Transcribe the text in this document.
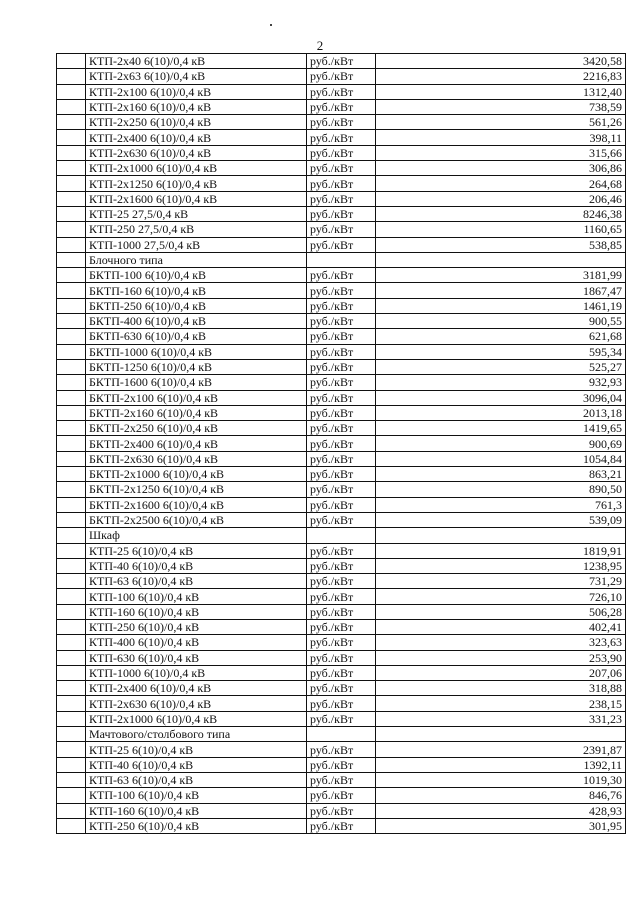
2
	КТП-2х40 6(10)/0,4 кВ	руб./кВт	3420,58
	КТП-2х63 6(10)/0,4 кВ	руб./кВт	2216,83
	КТП-2х100 6(10)/0,4 кВ	руб./кВт	1312,40
	КТП-2х160 6(10)/0,4 кВ	руб./кВт	738,59
	КТП-2х250 6(10)/0,4 кВ	руб./кВт	561,26
	КТП-2х400 6(10)/0,4 кВ	руб./кВт	398,11
	КТП-2х630 6(10)/0,4 кВ	руб./кВт	315,66
	КТП-2х1000 6(10)/0,4 кВ	руб./кВт	306,86
	КТП-2х1250 6(10)/0,4 кВ	руб./кВт	264,68
	КТП-2х1600 6(10)/0,4 кВ	руб./кВт	206,46
	КТП-25 27,5/0,4 кВ	руб./кВт	8246,38
	КТП-250 27,5/0,4 кВ	руб./кВт	1160,65
	КТП-1000 27,5/0,4 кВ	руб./кВт	538,85
	Блочного типа		
	БКТП-100 6(10)/0,4 кВ	руб./кВт	3181,99
	БКТП-160 6(10)/0,4 кВ	руб./кВт	1867,47
	БКТП-250 6(10)/0,4 кВ	руб./кВт	1461,19
	БКТП-400 6(10)/0,4 кВ	руб./кВт	900,55
	БКТП-630 6(10)/0,4 кВ	руб./кВт	621,68
	БКТП-1000 6(10)/0,4 кВ	руб./кВт	595,34
	БКТП-1250 6(10)/0,4 кВ	руб./кВт	525,27
	БКТП-1600 6(10)/0,4 кВ	руб./кВт	932,93
	БКТП-2х100 6(10)/0,4 кВ	руб./кВт	3096,04
	БКТП-2х160 6(10)/0,4 кВ	руб./кВт	2013,18
	БКТП-2х250 6(10)/0,4 кВ	руб./кВт	1419,65
	БКТП-2х400 6(10)/0,4 кВ	руб./кВт	900,69
	БКТП-2х630 6(10)/0,4 кВ	руб./кВт	1054,84
	БКТП-2х1000 6(10)/0,4 кВ	руб./кВт	863,21
	БКТП-2х1250 6(10)/0,4 кВ	руб./кВт	890,50
	БКТП-2х1600 6(10)/0,4 кВ	руб./кВт	761,3
	БКТП-2х2500 6(10)/0,4 кВ	руб./кВт	539,09
	Шкаф		
	КТП-25 6(10)/0,4 кВ	руб./кВт	1819,91
	КТП-40 6(10)/0,4 кВ	руб./кВт	1238,95
	КТП-63 6(10)/0,4 кВ	руб./кВт	731,29
	КТП-100 6(10)/0,4 кВ	руб./кВт	726,10
	КТП-160 6(10)/0,4 кВ	руб./кВт	506,28
	КТП-250 6(10)/0,4 кВ	руб./кВт	402,41
	КТП-400 6(10)/0,4 кВ	руб./кВт	323,63
	КТП-630 6(10)/0,4 кВ	руб./кВт	253,90
	КТП-1000 6(10)/0,4 кВ	руб./кВт	207,06
	КТП-2х400 6(10)/0,4 кВ	руб./кВт	318,88
	КТП-2х630 6(10)/0,4 кВ	руб./кВт	238,15
	КТП-2х1000 6(10)/0,4 кВ	руб./кВт	331,23
	Мачтового/столбового типа		
	КТП-25 6(10)/0,4 кВ	руб./кВт	2391,87
	КТП-40 6(10)/0,4 кВ	руб./кВт	1392,11
	КТП-63 6(10)/0,4 кВ	руб./кВт	1019,30
	КТП-100 6(10)/0,4 кВ	руб./кВт	846,76
	КТП-160 6(10)/0,4 кВ	руб./кВт	428,93
	КТП-250 6(10)/0,4 кВ	руб./кВт	301,95
